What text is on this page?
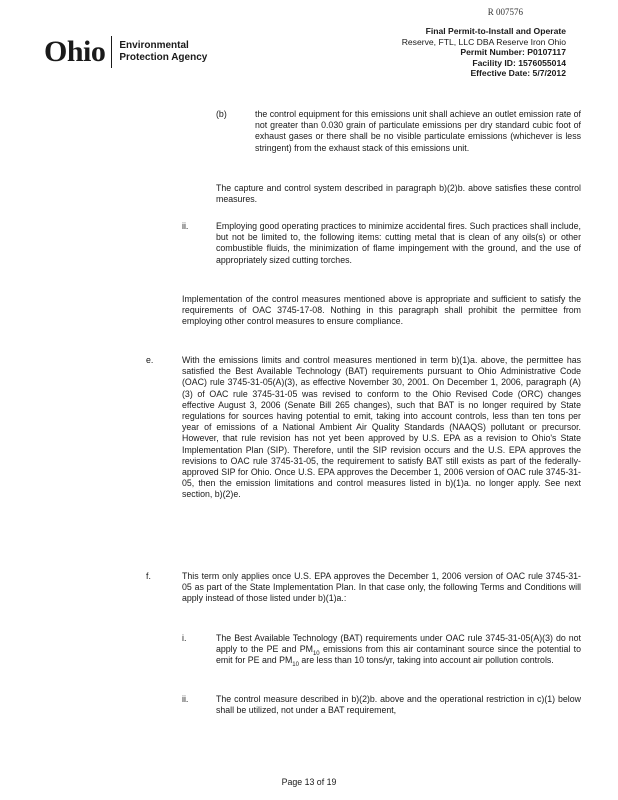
R 007576
Ohio Environmental
Protection Agency
Final Permit-to-Install and Operate
Reserve, FTL, LLC DBA Reserve Iron Ohio
Permit Number: P0107117
Facility ID: 1576055014
Effective Date: 5/7/2012
(b)	the control equipment for this emissions unit shall achieve an outlet emission rate of not greater than 0.030 grain of particulate emissions per dry standard cubic foot of exhaust gases or there shall be no visible particulate emissions (whichever is less stringent) from the exhaust stack of this emissions unit.
The capture and control system described in paragraph b)(2)b. above satisfies these control measures.
ii.	Employing good operating practices to minimize accidental fires. Such practices shall include, but not be limited to, the following items: cutting metal that is clean of any oils(s) or other combustible fluids, the minimization of flame impingement with the ground, and the use of appropriately sized cutting torches.
Implementation of the control measures mentioned above is appropriate and sufficient to satisfy the requirements of OAC 3745-17-08. Nothing in this paragraph shall prohibit the permittee from employing other control measures to ensure compliance.
e.	With the emissions limits and control measures mentioned in term b)(1)a. above, the permittee has satisfied the Best Available Technology (BAT) requirements pursuant to Ohio Administrative Code (OAC) rule 3745-31-05(A)(3), as effective November 30, 2001. On December 1, 2006, paragraph (A)(3) of OAC rule 3745-31-05 was revised to conform to the Ohio Revised Code (ORC) changes effective August 3, 2006 (Senate Bill 265 changes), such that BAT is no longer required by State regulations for sources having potential to emit, taking into account controls, less than ten tons per year of emissions of a National Ambient Air Quality Standards (NAAQS) pollutant or precursor. However, that rule revision has not yet been approved by U.S. EPA as a revision to Ohio's State Implementation Plan (SIP). Therefore, until the SIP revision occurs and the U.S. EPA approves the revisions to OAC rule 3745-31-05, the requirement to satisfy BAT still exists as part of the federally-approved SIP for Ohio. Once U.S. EPA approves the December 1, 2006 version of OAC rule 3745-31-05, then the emission limitations and control measures listed in b)(1)a. no longer apply. See next section, b)(2)e.
f.	This term only applies once U.S. EPA approves the December 1, 2006 version of OAC rule 3745-31-05 as part of the State Implementation Plan. In that case only, the following Terms and Conditions will apply instead of those listed under b)(1)a.:
i.	The Best Available Technology (BAT) requirements under OAC rule 3745-31-05(A)(3) do not apply to the PE and $PM_{10}$ emissions from this air contaminant source since the potential to emit for PE and $PM_{10}$ are less than 10 tons/yr, taking into account air pollution controls.
ii.	The control measure described in b)(2)b. above and the operational restriction in c)(1) below shall be utilized, not under a BAT requirement,
Page 13 of 19
